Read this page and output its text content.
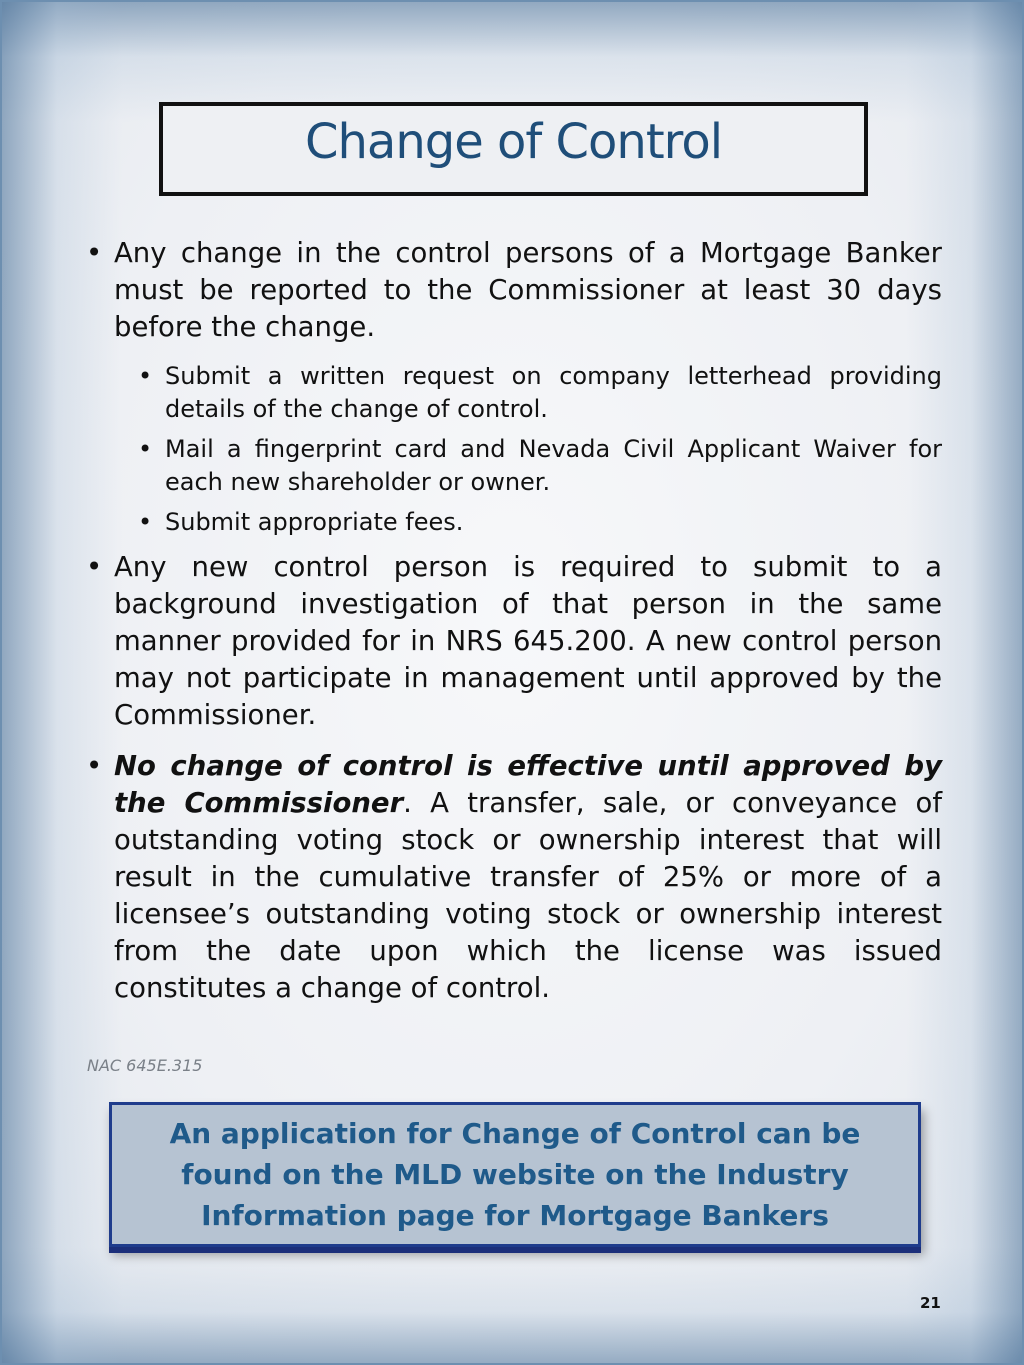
Change of Control
• Any change in the control persons of a Mortgage Banker must be reported to the Commissioner at least 30 days before the change.
• Submit a written request on company letterhead providing details of the change of control.
• Mail a fingerprint card and Nevada Civil Applicant Waiver for each new shareholder or owner.
• Submit appropriate fees.
• Any new control person is required to submit to a background investigation of that person in the same manner provided for in NRS 645.200. A new control person may not participate in management until approved by the Commissioner.
• No change of control is effective until approved by the Commissioner. A transfer, sale, or conveyance of outstanding voting stock or ownership interest that will result in the cumulative transfer of 25% or more of a licensee’s outstanding voting stock or ownership interest from the date upon which the license was issued constitutes a change of control.
NAC 645E.315
An application for Change of Control can be found on the MLD website on the Industry Information page for Mortgage Bankers
21
